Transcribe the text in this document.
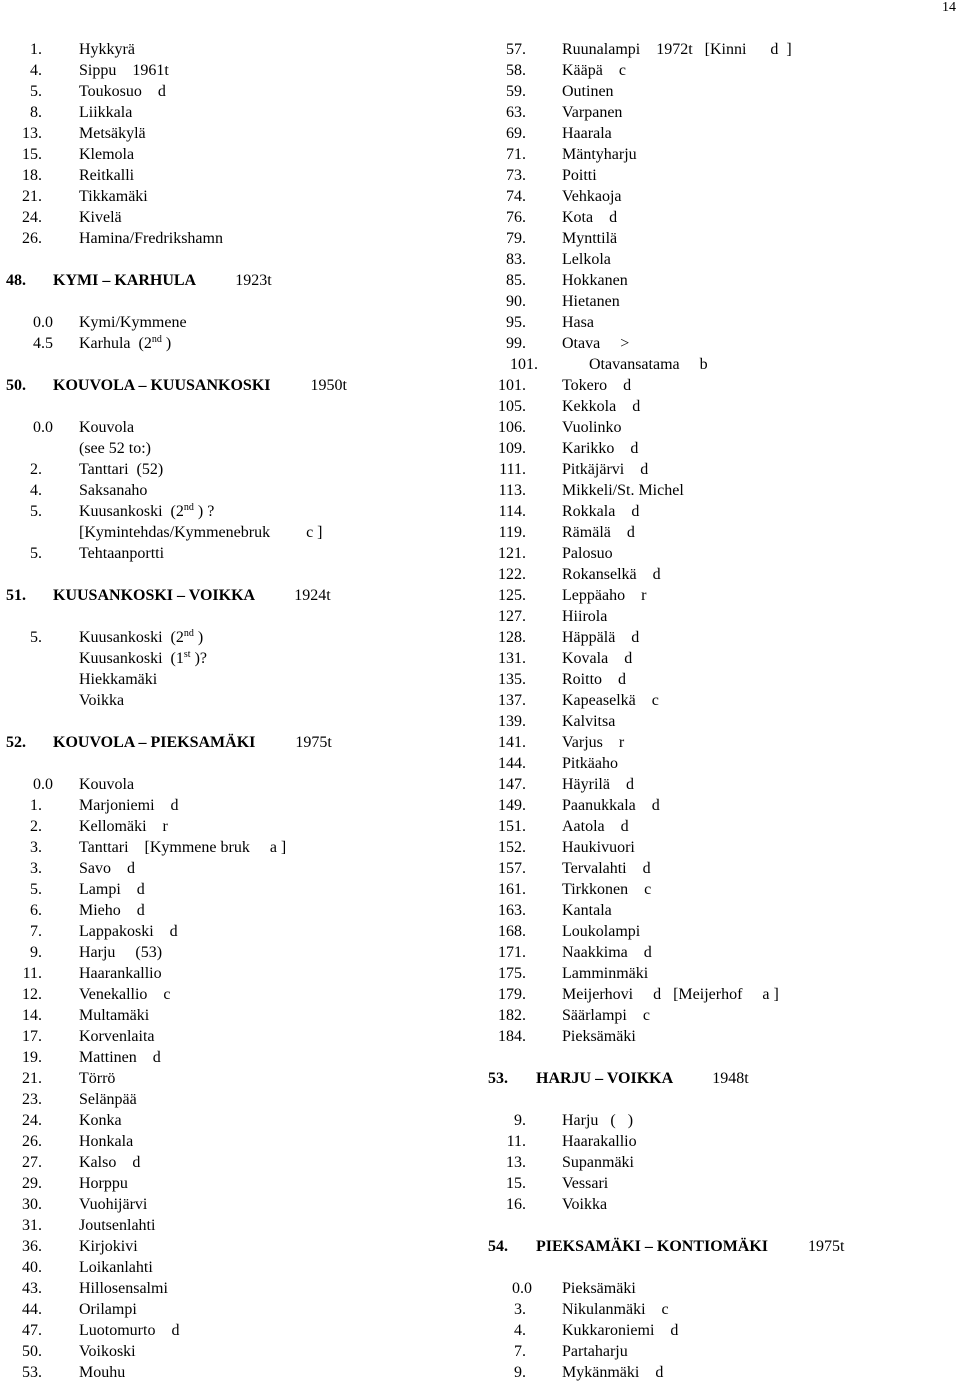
14
1. Hykkyrä
4. Sippu    1961t
5. Toukosuo    d
8. Liikkala
13. Metsäkylä
15. Klemola
18. Reitkalli
21. Tikkamäki
24. Kivelä
26. Hamina/Fredrikshamn
48. KYMI – KARHULA	1923t
0.0 Kymi/Kymmene
4.5 Karhula  (2nd )
50. KOUVOLA – KUUSANKOSKI	1950t
0.0 Kouvola
(see 52 to:)
2. Tanttari  (52)
4. Saksanaho
5. Kuusankoski  (2nd ) ?
[Kymintehdas/Kymmenebruk         c ]
5. Tehtaanportti
51. KUUSANKOSKI – VOIKKA	1924t
5. Kuusankoski  (2nd )
Kuusankoski  (1st )?
Hiekkamäki
Voikka
52. KOUVOLA – PIEKSAMÄKI	1975t
0.0 Kouvola
1. Marjoniemi    d
2. Kellomäki    r
3. Tanttari    [Kymmene bruk     a ]
3. Savo    d
5. Lampi    d
6. Mieho    d
7. Lappakoski    d
9. Harju     (53)
11. Haarankallio
12. Venekallio    c
14. Multamäki
17. Korvenlaita
19. Mattinen    d
21. Törrö
23. Selänpää
24. Konka
26. Honkala
27. Kalso    d
29. Horppu
30. Vuohijärvi
31. Joutsenlahti
36. Kirjokivi
40. Loikanlahti
43. Hillosensalmi
44. Orilampi
47. Luotomurto    d
50. Voikoski
53. Mouhu
57. Ruunalampi    1972t   [Kinni      d  ]
58. Kääpä    c
59. Outinen
63. Varpanen
69. Haarala
71. Mäntyharju
73. Poitti
74. Vehkaoja
76. Kota    d
79. Mynttilä
83. Lelkola
85. Hokkanen
90. Hietanen
95. Hasa
99. Otava     >
101.	Otavansatama     b
101. Tokero    d
105. Kekkola    d
106. Vuolinko
109. Karikko    d
111. Pitkäjärvi    d
113. Mikkeli/St. Michel
114. Rokkala    d
119. Rämälä    d
121. Palosuo
122. Rokanselkä    d
125. Leppäaho    r
127. Hiirola
128. Häppälä    d
131. Kovala    d
135. Roitto    d
137. Kapeaselkä    c
139. Kalvitsa
141. Varjus    r
144. Pitkäaho
147. Häyrilä    d
149. Paanukkala    d
151. Aatola    d
152. Haukivuori
157. Tervalahti    d
161. Tirkkonen    c
163. Kantala
168. Loukolampi
171. Naakkima    d
175. Lamminmäki
179. Meijerhovi     d   [Meijerhof     a ]
182. Säärlampi    c
184. Pieksämäki
53. HARJU – VOIKKA	1948t
9. Harju   (   )
11. Haarakallio
13. Supanmäki
15. Vessari
16. Voikka
54. PIEKSAMÄKI – KONTIOMÄKI	1975t
0.0 Pieksämäki
3. Nikulanmäki    c
4. Kukkaroniemi    d
7. Partaharju
9. Mykänmäki    d
